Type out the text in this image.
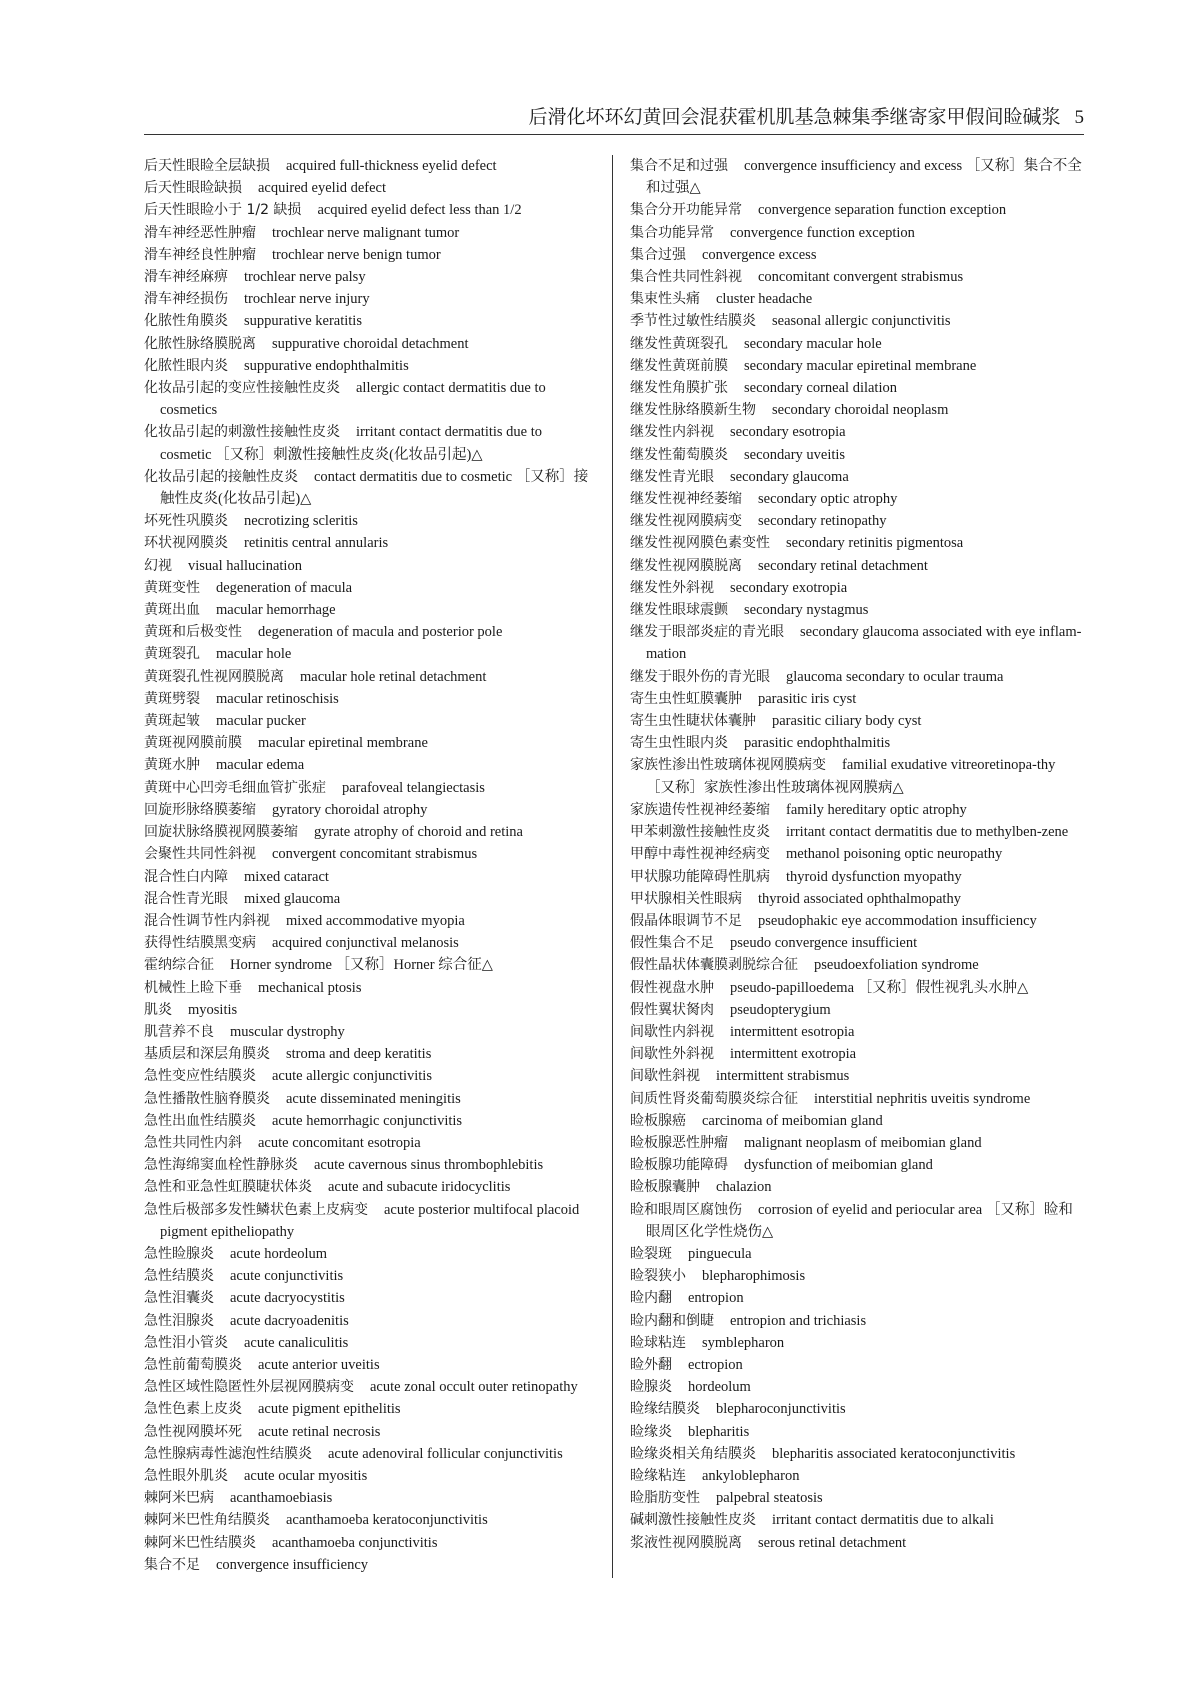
后滑化坏环幻黄回会混获霍机肌基急棘集季继寄家甲假间睑碱浆 5
后天性眼睑全层缺损 acquired full-thickness eyelid defect
后天性眼睑缺损 acquired eyelid defect
后天性眼睑小于 1/2 缺损 acquired eyelid defect less than 1/2
滑车神经恶性肿瘤 trochlear nerve malignant tumor
滑车神经良性肿瘤 trochlear nerve benign tumor
滑车神经麻痹 trochlear nerve palsy
滑车神经损伤 trochlear nerve injury
化脓性角膜炎 suppurative keratitis
化脓性脉络膜脱离 suppurative choroidal detachment
化脓性眼内炎 suppurative endophthalmitis
化妆品引起的变应性接触性皮炎 allergic contact dermatitis due to cosmetics
化妆品引起的刺激性接触性皮炎 irritant contact dermatitis due to cosmetic ［又称］刺激性接触性皮炎(化妆品引起)△
化妆品引起的接触性皮炎 contact dermatitis due to cosmetic ［又称］接触性皮炎(化妆品引起)△
坏死性巩膜炎 necrotizing scleritis
环状视网膜炎 retinitis central annularis
幻视 visual hallucination
黄斑变性 degeneration of macula
黄斑出血 macular hemorrhage
黄斑和后极变性 degeneration of macula and posterior pole
黄斑裂孔 macular hole
黄斑裂孔性视网膜脱离 macular hole retinal detachment
黄斑劈裂 macular retinoschisis
黄斑起皱 macular pucker
黄斑视网膜前膜 macular epiretinal membrane
黄斑水肿 macular edema
黄斑中心凹旁毛细血管扩张症 parafoveal telangiectasis
回旋形脉络膜萎缩 gyratory choroidal atrophy
回旋状脉络膜视网膜萎缩 gyrate atrophy of choroid and retina
会聚性共同性斜视 convergent concomitant strabismus
混合性白内障 mixed cataract
混合性青光眼 mixed glaucoma
混合性调节性内斜视 mixed accommodative myopia
获得性结膜黑变病 acquired conjunctival melanosis
霍纳综合征 Horner syndrome ［又称］Horner 综合征△
机械性上睑下垂 mechanical ptosis
肌炎 myositis
肌营养不良 muscular dystrophy
基质层和深层角膜炎 stroma and deep keratitis
急性变应性结膜炎 acute allergic conjunctivitis
急性播散性脑脊膜炎 acute disseminated meningitis
急性出血性结膜炎 acute hemorrhagic conjunctivitis
急性共同性内斜 acute concomitant esotropia
急性海绵窦血栓性静脉炎 acute cavernous sinus thrombophlebitis
急性和亚急性虹膜睫状体炎 acute and subacute iridocyclitis
急性后极部多发性鳞状色素上皮病变 acute posterior multifocal placoid pigment epitheliopathy
急性睑腺炎 acute hordeolum
急性结膜炎 acute conjunctivitis
急性泪囊炎 acute dacryocystitis
急性泪腺炎 acute dacryoadenitis
急性泪小管炎 acute canaliculitis
急性前葡萄膜炎 acute anterior uveitis
急性区域性隐匿性外层视网膜病变 acute zonal occult outer retinopathy
急性色素上皮炎 acute pigment epithelitis
急性视网膜坏死 acute retinal necrosis
急性腺病毒性滤泡性结膜炎 acute adenoviral follicular conjunctivitis
急性眼外肌炎 acute ocular myositis
棘阿米巴病 acanthamoebiasis
棘阿米巴性角结膜炎 acanthamoeba keratoconjunctivitis
棘阿米巴性结膜炎 acanthamoeba conjunctivitis
集合不足 convergence insufficiency
集合不足和过强 convergence insufficiency and excess ［又称］集合不全和过强△
集合分开功能异常 convergence separation function exception
集合功能异常 convergence function exception
集合过强 convergence excess
集合性共同性斜视 concomitant convergent strabismus
集束性头痛 cluster headache
季节性过敏性结膜炎 seasonal allergic conjunctivitis
继发性黄斑裂孔 secondary macular hole
继发性黄斑前膜 secondary macular epiretinal membrane
继发性角膜扩张 secondary corneal dilation
继发性脉络膜新生物 secondary choroidal neoplasm
继发性内斜视 secondary esotropia
继发性葡萄膜炎 secondary uveitis
继发性青光眼 secondary glaucoma
继发性视神经萎缩 secondary optic atrophy
继发性视网膜病变 secondary retinopathy
继发性视网膜色素变性 secondary retinitis pigmentosa
继发性视网膜脱离 secondary retinal detachment
继发性外斜视 secondary exotropia
继发性眼球震颤 secondary nystagmus
继发于眼部炎症的青光眼 secondary glaucoma associated with eye inflam-mation
继发于眼外伤的青光眼 glaucoma secondary to ocular trauma
寄生虫性虹膜囊肿 parasitic iris cyst
寄生虫性睫状体囊肿 parasitic ciliary body cyst
寄生虫性眼内炎 parasitic endophthalmitis
家族性渗出性玻璃体视网膜病变 familial exudative vitreoretinopa-thy ［又称］家族性渗出性玻璃体视网膜病△
家族遗传性视神经萎缩 family hereditary optic atrophy
甲苯刺激性接触性皮炎 irritant contact dermatitis due to methylben-zene
甲醇中毒性视神经病变 methanol poisoning optic neuropathy
甲状腺功能障碍性肌病 thyroid dysfunction myopathy
甲状腺相关性眼病 thyroid associated ophthalmopathy
假晶体眼调节不足 pseudophakic eye accommodation insufficiency
假性集合不足 pseudo convergence insufficient
假性晶状体囊膜剥脱综合征 pseudoexfoliation syndrome
假性视盘水肿 pseudo-papilloedema ［又称］假性视乳头水肿△
假性翼状胬肉 pseudopterygium
间歇性内斜视 intermittent esotropia
间歇性外斜视 intermittent exotropia
间歇性斜视 intermittent strabismus
间质性肾炎葡萄膜炎综合征 interstitial nephritis uveitis syndrome
睑板腺癌 carcinoma of meibomian gland
睑板腺恶性肿瘤 malignant neoplasm of meibomian gland
睑板腺功能障碍 dysfunction of meibomian gland
睑板腺囊肿 chalazion
睑和眼周区腐蚀伤 corrosion of eyelid and periocular area ［又称］睑和眼周区化学性烧伤△
睑裂斑 pinguecula
睑裂狭小 blepharophimosis
睑内翻 entropion
睑内翻和倒睫 entropion and trichiasis
睑球粘连 symblepharon
睑外翻 ectropion
睑腺炎 hordeolum
睑缘结膜炎 blepharoconjunctivitis
睑缘炎 blepharitis
睑缘炎相关角结膜炎 blepharitis associated keratoconjunctivitis
睑缘粘连 ankyloblepharon
睑脂肪变性 palpebral steatosis
碱刺激性接触性皮炎 irritant contact dermatitis due to alkali
浆液性视网膜脱离 serous retinal detachment
